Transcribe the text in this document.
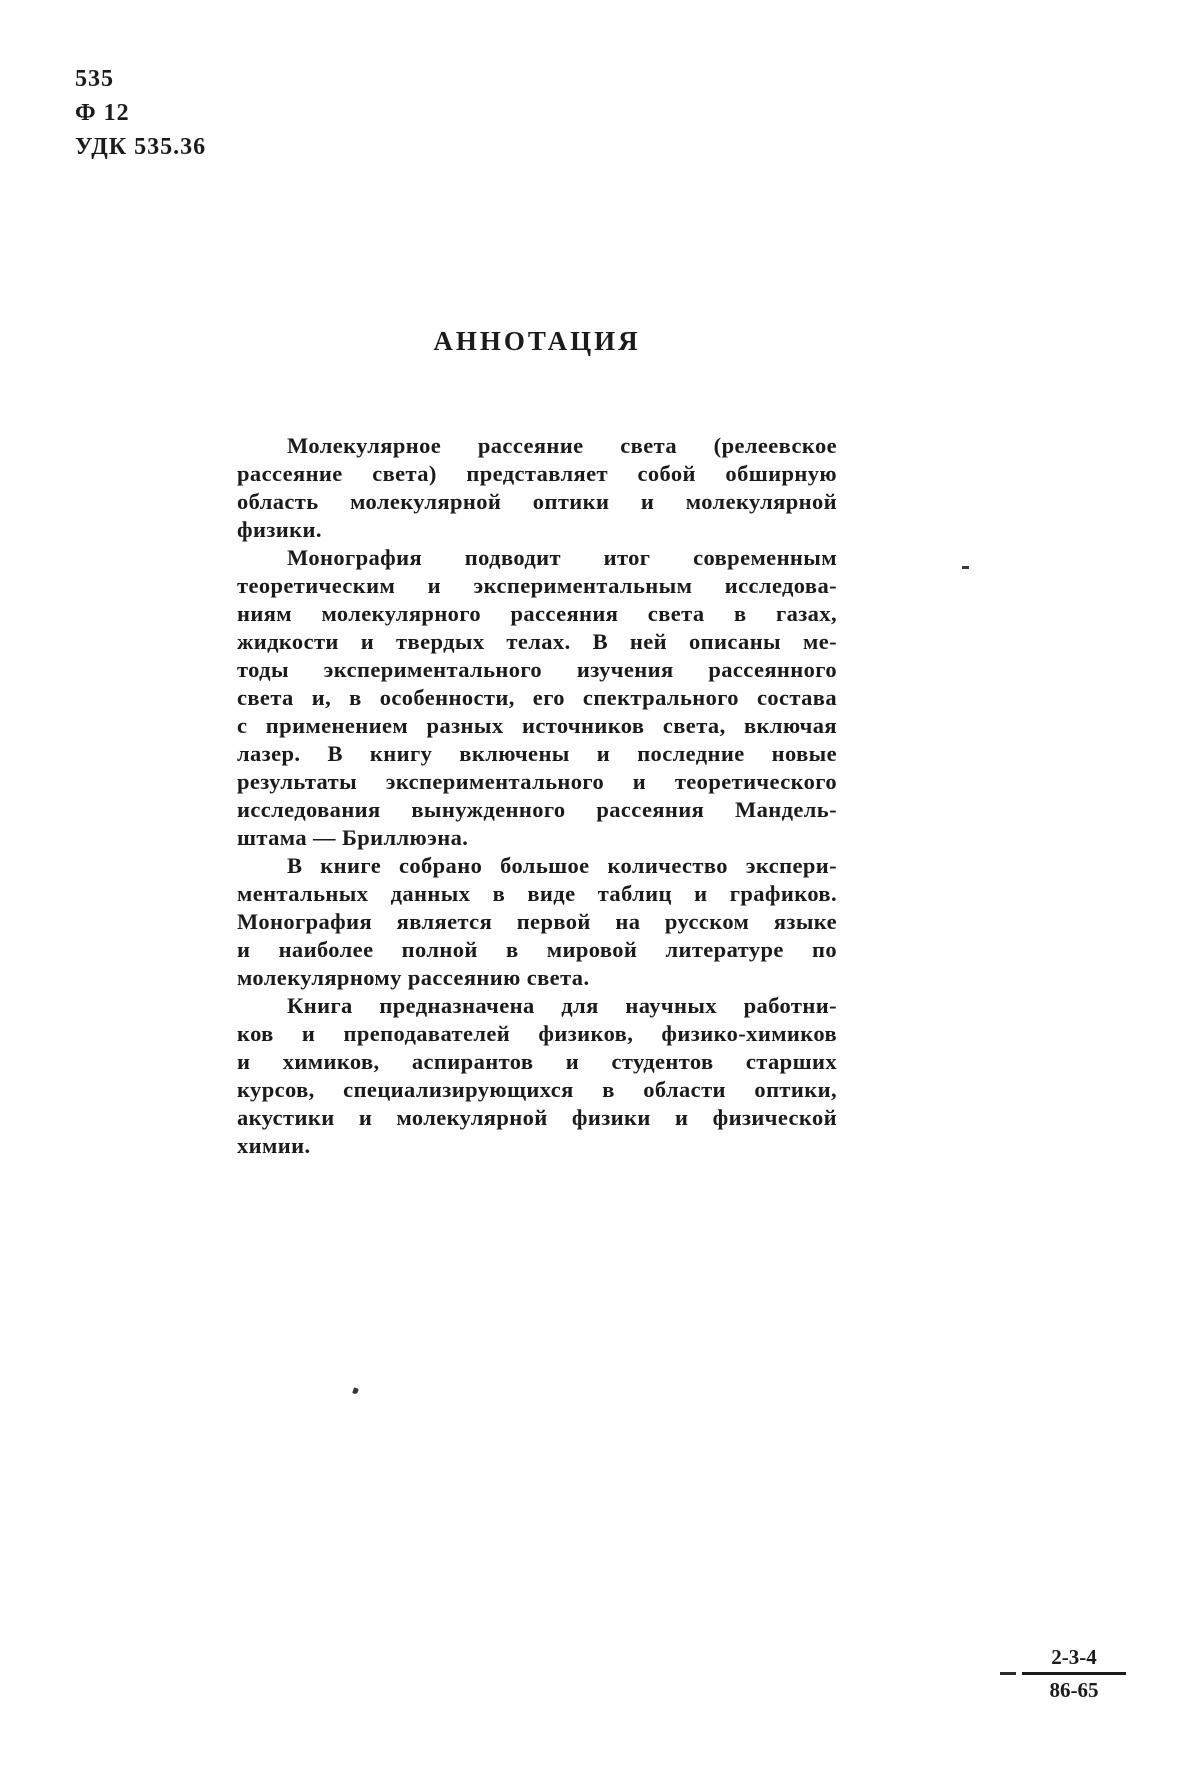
535
Ф 12
УДК 535.36
АННОТАЦИЯ
Молекулярное рассеяние света (релеевское
рассеяние света) представляет собой обширную
область молекулярной оптики и молекулярной
физики.
Монография подводит итог современным
теоретическим и экспериментальным исследова-
ниям молекулярного рассеяния света в газах,
жидкости и твердых телах. В ней описаны ме-
тоды экспериментального изучения рассеянного
света и, в особенности, его спектрального состава
с применением разных источников света, включая
лазер. В книгу включены и последние новые
результаты экспериментального и теоретического
исследования вынужденного рассеяния Мандель-
штама — Бриллюэна.
В книге собрано большое количество экспери-
ментальных данных в виде таблиц и графиков.
Монография является первой на русском языке
и наиболее полной в мировой литературе по
молекулярному рассеянию света.
Книга предназначена для научных работни-
ков и преподавателей физиков, физико-химиков
и химиков, аспирантов и студентов старших
курсов, специализирующихся в области оптики,
акустики и молекулярной физики и физической
химии.
2-3-4
86-65
